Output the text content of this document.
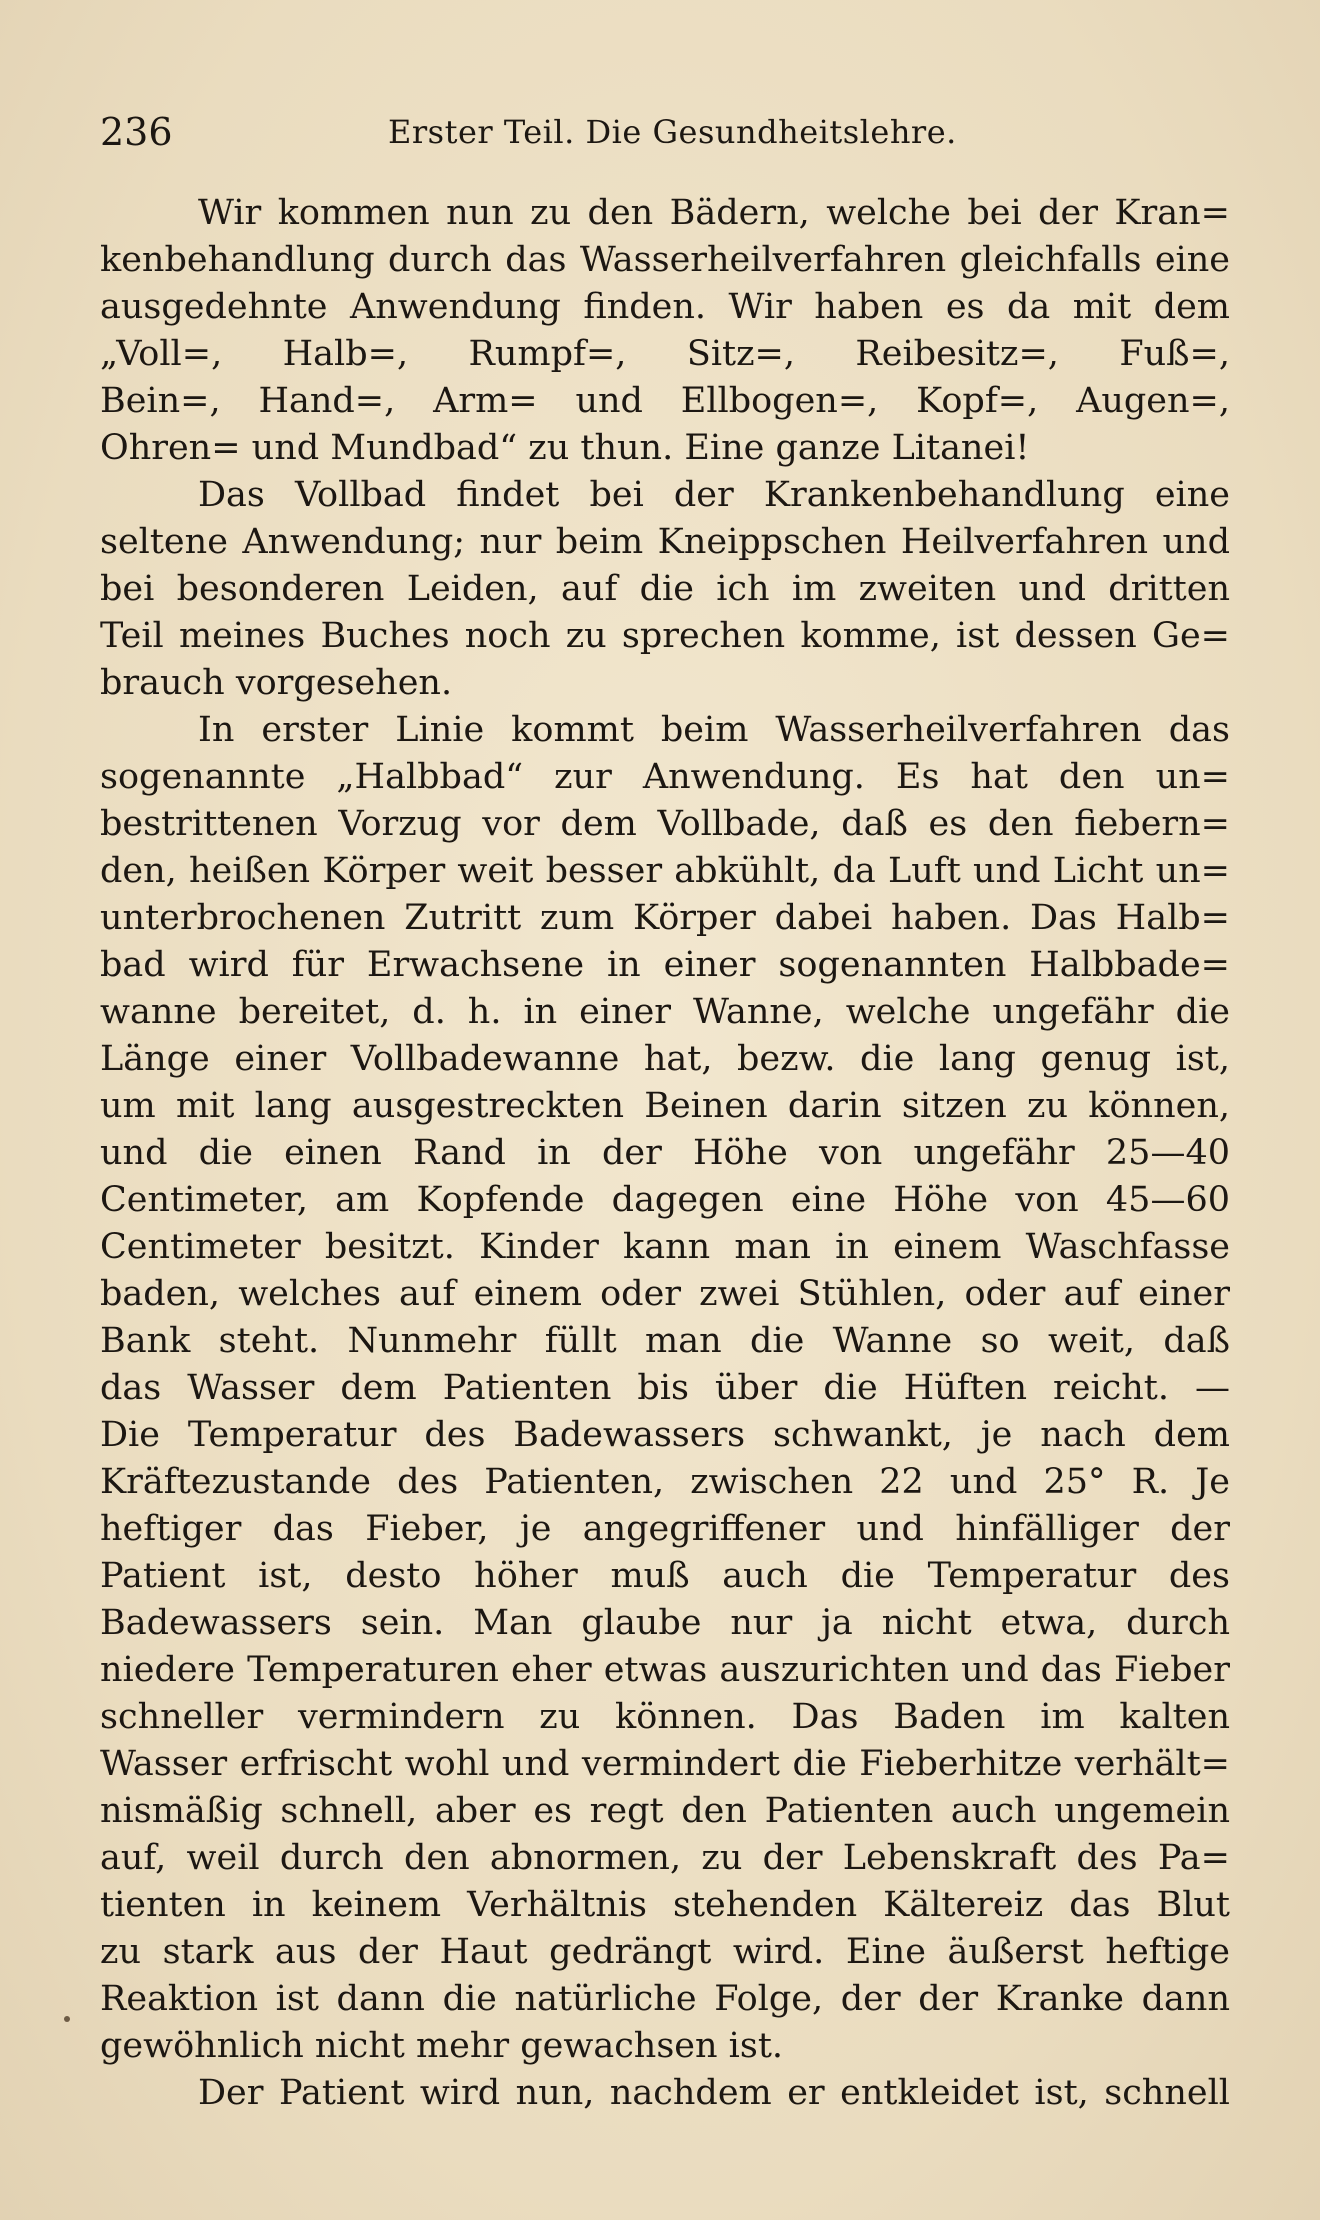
236	Erster Teil. Die Gesundheitslehre.
Wir kommen nun zu den Bädern, welche bei der Kran=
kenbehandlung durch das Wasserheilverfahren gleichfalls eine
ausgedehnte Anwendung finden. Wir haben es da mit dem
„Voll=, Halb=, Rumpf=, Sitz=, Reibesitz=, Fuß=,
Bein=, Hand=, Arm= und Ellbogen=, Kopf=, Augen=,
Ohren= und Mundbad“ zu thun. Eine ganze Litanei!
Das Vollbad findet bei der Krankenbehandlung eine
seltene Anwendung; nur beim Kneippschen Heilverfahren und
bei besonderen Leiden, auf die ich im zweiten und dritten
Teil meines Buches noch zu sprechen komme, ist dessen Ge=
brauch vorgesehen.
In erster Linie kommt beim Wasserheilverfahren das
sogenannte „Halbbad“ zur Anwendung. Es hat den un=
bestrittenen Vorzug vor dem Vollbade, daß es den fiebern=
den, heißen Körper weit besser abkühlt, da Luft und Licht un=
unterbrochenen Zutritt zum Körper dabei haben. Das Halb=
bad wird für Erwachsene in einer sogenannten Halbbade=
wanne bereitet, d. h. in einer Wanne, welche ungefähr die
Länge einer Vollbadewanne hat, bezw. die lang genug ist,
um mit lang ausgestreckten Beinen darin sitzen zu können,
und die einen Rand in der Höhe von ungefähr 25—40
Centimeter, am Kopfende dagegen eine Höhe von 45—60
Centimeter besitzt. Kinder kann man in einem Waschfasse
baden, welches auf einem oder zwei Stühlen, oder auf einer
Bank steht. Nunmehr füllt man die Wanne so weit, daß
das Wasser dem Patienten bis über die Hüften reicht. —
Die Temperatur des Badewassers schwankt, je nach dem
Kräftezustande des Patienten, zwischen 22 und 25° R. Je
heftiger das Fieber, je angegriffener und hinfälliger der
Patient ist, desto höher muß auch die Temperatur des
Badewassers sein. Man glaube nur ja nicht etwa, durch
niedere Temperaturen eher etwas auszurichten und das Fieber
schneller vermindern zu können. Das Baden im kalten
Wasser erfrischt wohl und vermindert die Fieberhitze verhält=
nismäßig schnell, aber es regt den Patienten auch ungemein
auf, weil durch den abnormen, zu der Lebenskraft des Pa=
tienten in keinem Verhältnis stehenden Kältereiz das Blut
zu stark aus der Haut gedrängt wird. Eine äußerst heftige
Reaktion ist dann die natürliche Folge, der der Kranke dann
gewöhnlich nicht mehr gewachsen ist.
Der Patient wird nun, nachdem er entkleidet ist, schnell
